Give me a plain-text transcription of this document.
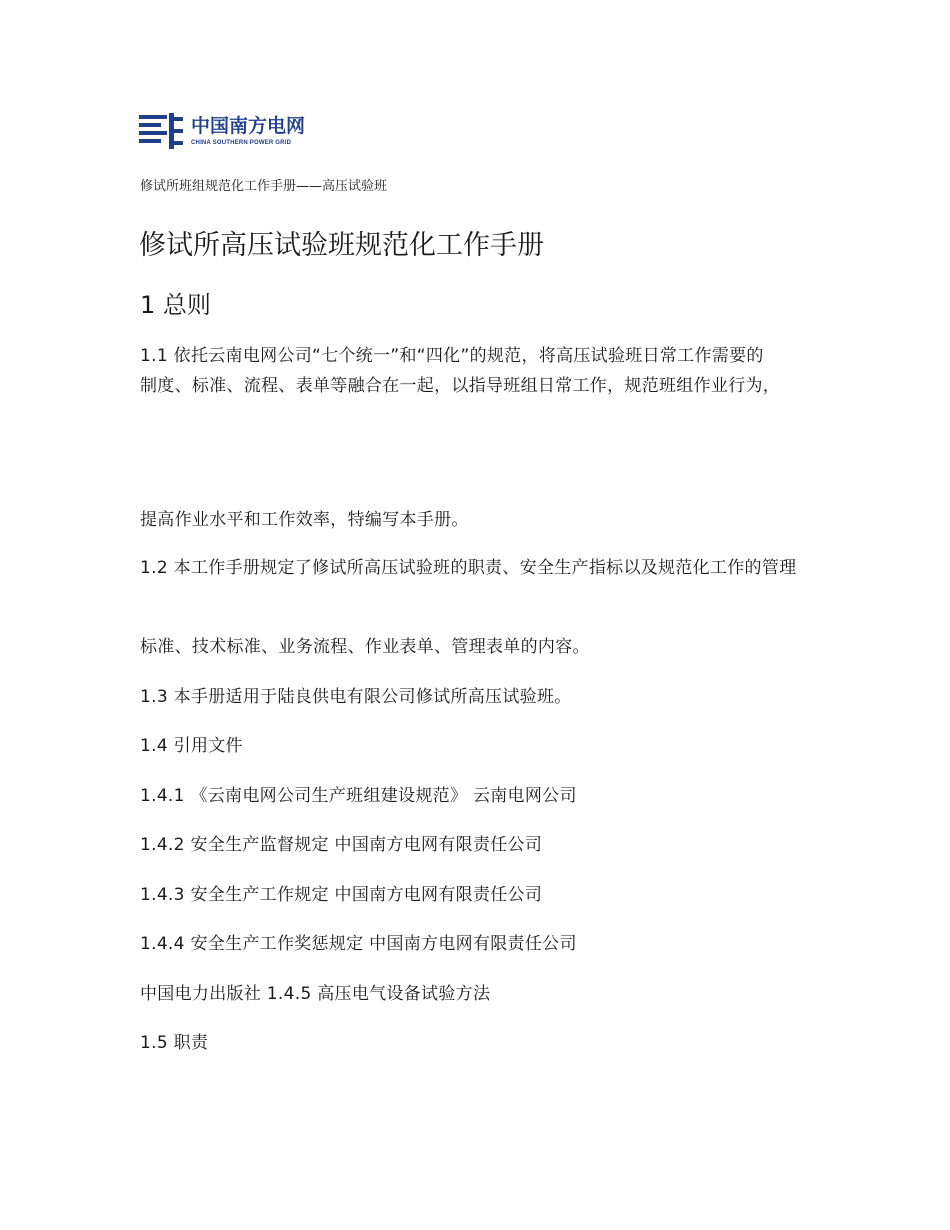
中国南方电网
CHINA SOUTHERN POWER GRID
修试所班组规范化工作手册——高压试验班
修试所高压试验班规范化工作手册
1 总则

1.1 依托云南电网公司“七个统一”和“四化”的规范，将高压试验班日常工作需要的

制度、标准、流程、表单等融合在一起，以指导班组日常工作，规范班组作业行为，

提高作业水平和工作效率，特编写本手册。

1.2 本工作手册规定了修试所高压试验班的职责、安全生产指标以及规范化工作的管理

标准、技术标准、业务流程、作业表单、管理表单的内容。

1.3 本手册适用于陆良供电有限公司修试所高压试验班。

1.4 引用文件

1.4.1 《云南电网公司生产班组建设规范》 云南电网公司

1.4.2 安全生产监督规定 中国南方电网有限责任公司

1.4.3 安全生产工作规定 中国南方电网有限责任公司

1.4.4 安全生产工作奖惩规定 中国南方电网有限责任公司

中国电力出版社 1.4.5 高压电气设备试验方法

1.5 职责
